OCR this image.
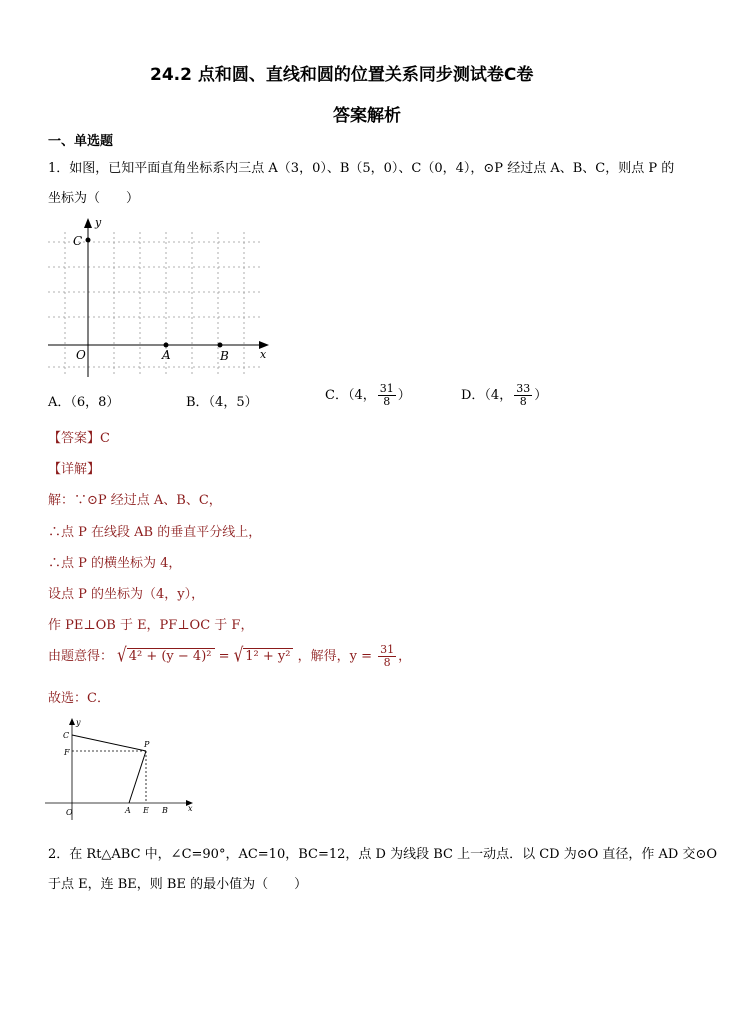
24.2 点和圆、直线和圆的位置关系同步测试卷C卷
答案解析
一、单选题
1．如图，已知平面直角坐标系内三点 A（3，0）、B（5，0）、C（0，4），⊙P 经过点 A、B、C，则点 P 的
坐标为（　　）
y
x
C
O	A	B
A．（6，8）	B．（4，5）	C．（4， $\frac{31}{8}$ ）	D．（4， $\frac{33}{8}$ ）
【答案】C
【详解】
解：∵⊙P 经过点 A、B、C，
∴点 P 在线段 AB 的垂直平分线上，
∴点 P 的横坐标为 4，
设点 P 的坐标为（4，y），
作 PE⊥OB 于 E，PF⊥OC 于 F，
由题意得： √ 4² + (y − 4)² = √ 1² + y² ，解得，$y = \frac{31}{8}$ ，
故选：C．
y
C
F
P
O	A E B	x
2．在 Rt△ABC 中，∠C=90°，AC=10，BC=12，点 D 为线段 BC 上一动点．以 CD 为⊙O 直径，作 AD 交⊙O
于点 E，连 BE，则 BE 的最小值为（　　）
